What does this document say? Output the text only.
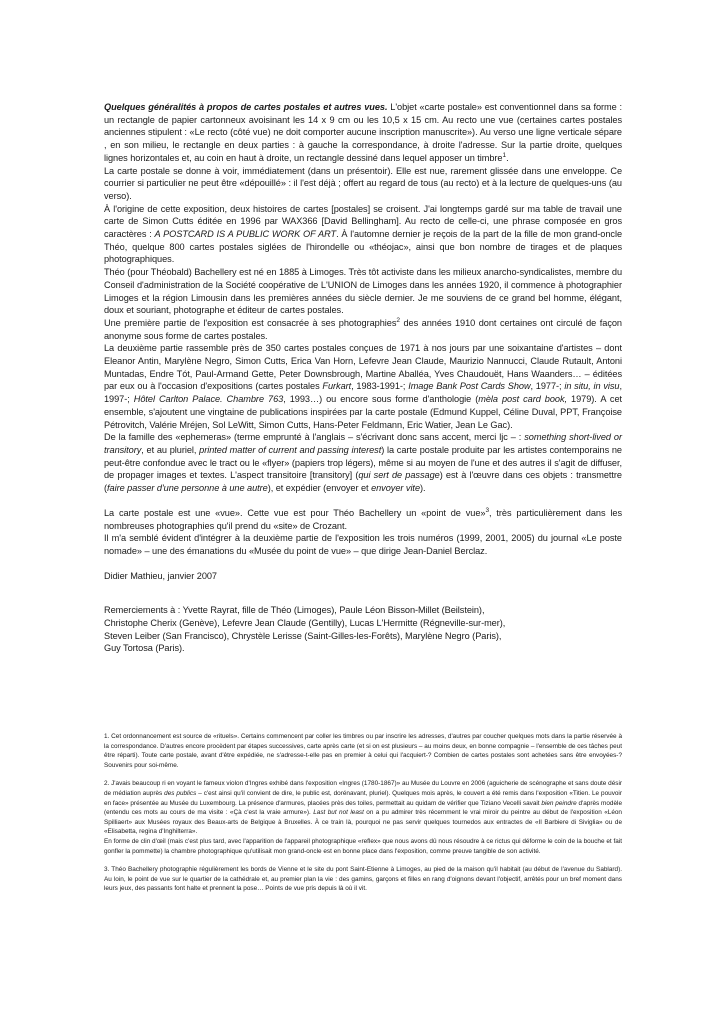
Quelques généralités à propos de cartes postales et autres vues. L'objet «carte postale» est conventionnel dans sa forme : un rectangle de papier cartonneux avoisinant les 14 x 9 cm ou les 10,5 x 15 cm. Au recto une vue (certaines cartes postales anciennes stipulent : «Le recto (côté vue) ne doit comporter aucune inscription manuscrite»). Au verso une ligne verticale sépare , en son milieu, le rectangle en deux parties : à gauche la correspondance, à droite l'adresse. Sur la partie droite, quelques lignes horizontales et, au coin en haut à droite, un rectangle dessiné dans lequel apposer un timbre$^1$.

La carte postale se donne à voir, immédiatement (dans un présentoir). Elle est nue, rarement glissée dans une enveloppe. Ce courrier si particulier ne peut être «dépouillé» : il l'est déjà ; offert au regard de tous (au recto) et à la lecture de quelques-uns (au verso).

À l'origine de cette exposition, deux histoires de cartes [postales] se croisent. J'ai longtemps gardé sur ma table de travail une carte de Simon Cutts éditée en 1996 par WAX366 [David Bellingham]. Au recto de celle-ci, une phrase composée en gros caractères : A POSTCARD IS A PUBLIC WORK OF ART. À l'automne dernier je reçois de la part de la fille de mon grand-oncle Théo, quelque 800 cartes postales siglées de l'hirondelle ou «théojac», ainsi que bon nombre de tirages et de plaques photographiques.

Théo (pour Théobald) Bachellery est né en 1885 à Limoges. Très tôt activiste dans les milieux anarcho-syndicalistes, membre du Conseil d'administration de la Société coopérative de L'UNION de Limoges dans les années 1920, il commence à photographier Limoges et la région Limousin dans les premières années du siècle dernier. Je me souviens de ce grand bel homme, élégant, doux et souriant, photographe et éditeur de cartes postales.

Une première partie de l'exposition est consacrée à ses photographies$^2$ des années 1910 dont certaines ont circulé de façon anonyme sous forme de cartes postales.

La deuxième partie rassemble près de 350 cartes postales conçues de 1971 à nos jours par une soixantaine d'artistes – dont Eleanor Antin, Marylène Negro, Simon Cutts, Erica Van Horn, Lefevre Jean Claude, Maurizio Nannucci, Claude Rutault, Antoni Muntadas, Endre Tót, Paul-Armand Gette, Peter Downsbrough, Martine Aballéa, Yves Chaudouët, Hans Waanders… – éditées par eux ou à l'occasion d'expositions (cartes postales Furkart, 1983-1991-; Image Bank Post Cards Show, 1977-; in situ, in visu, 1997-; Hôtel Carlton Palace. Chambre 763, 1993…) ou encore sous forme d'anthologie (mèla post card book, 1979). A cet ensemble, s'ajoutent une vingtaine de publications inspirées par la carte postale (Edmund Kuppel, Céline Duval, PPT, Françoise Pétrovitch, Valérie Mréjen, Sol LeWitt, Simon Cutts, Hans-Peter Feldmann, Eric Watier, Jean Le Gac).

De la famille des «ephemeras» (terme emprunté à l'anglais – s'écrivant donc sans accent, merci ljc – : something short-lived or transitory, et au pluriel, printed matter of current and passing interest) la carte postale produite par les artistes contemporains ne peut-être confondue avec le tract ou le «flyer» (papiers trop légers), même si au moyen de l'une et des autres il s'agit de diffuser, de propager images et textes. L'aspect transitoire [transitory] (qui sert de passage) est à l'œuvre dans ces objets : transmettre (faire passer d'une personne à une autre), et expédier (envoyer et envoyer vite).

La carte postale est une «vue». Cette vue est pour Théo Bachellery un «point de vue»$^3$, très particulièrement dans les nombreuses photographies qu'il prend du «site» de Crozant.

Il m'a semblé évident d'intégrer à la deuxième partie de l'exposition les trois numéros (1999, 2001, 2005) du journal «Le poste nomade» – une des émanations du «Musée du point de vue» – que dirige Jean-Daniel Berclaz.

Didier Mathieu, janvier 2007

Remerciements à : Yvette Rayrat, fille de Théo (Limoges), Paule Léon Bisson-Millet (Beilstein),

Christophe Cherix (Genève), Lefevre Jean Claude (Gentilly), Lucas L'Hermitte (Régneville-sur-mer),

Steven Leiber (San Francisco), Chrystèle Lerisse (Saint-Gilles-les-Forêts), Marylène Negro (Paris),

Guy Tortosa (Paris).

1. Cet ordonnancement est source de «rituels». Certains commencent par coller les timbres ou par inscrire les adresses, d'autres par coucher quelques mots dans la partie réservée à la correspondance. D'autres encore procèdent par étapes successives, carte après carte (et si on est plusieurs – au moins deux, en bonne compagnie – l'ensemble de ces tâches peut être réparti). Toute carte postale, avant d'être expédiée, ne s'adresse-t-elle pas en premier à celui qui l'acquiert-? Combien de cartes postales sont achetées sans être envoyées-? Souvenirs pour soi-même.

2. J'avais beaucoup ri en voyant le fameux violon d'Ingres exhibé dans l'exposition «Ingres (1780-1867)» au Musée du Louvre en 2006 (aguicherie de scénographe et sans doute désir de médiation auprès des publics – c'est ainsi qu'il convient de dire, le public est, dorénavant, pluriel). Quelques mois après, le couvert a été remis dans l'exposition «Titien. Le pouvoir en face» présentée au Musée du Luxembourg. La présence d'armures, placées près des toiles, permettait au quidam de vérifier que Tiziano Vecelli savait bien peindre d'après modèle (entendu ces mots au cours de ma visite : «Çà c'est la vraie armure»). Last but not least on a pu admirer très récemment le vrai miroir du peintre au début de l'exposition «Léon Spilliaert» aux Musées royaux des Beaux-arts de Belgique à Bruxelles. À ce train là, pourquoi ne pas servir quelques tournedos aux entractes de «Il Barbiere di Siviglia» ou de «Elisabetta, regina d'Inghilterra».

En forme de clin d'œil (mais c'est plus tard, avec l'apparition de l'appareil photographique «reflex» que nous avons dû nous résoudre à ce rictus qui déforme le coin de la bouche et fait gonfler la pommette) la chambre photographique qu'utilisait mon grand-oncle est en bonne place dans l'exposition, comme preuve tangible de son activité.

3. Théo Bachellery photographie régulièrement les bords de Vienne et le site du pont Saint-Etienne à Limoges, au pied de la maison qu'il habitait (au début de l'avenue du Sablard). Au loin, le point de vue sur le quartier de la cathédrale et, au premier plan la vie : des gamins, garçons et filles en rang d'oignons devant l'objectif, arrêtés pour un bref moment dans leurs jeux, des passants font halte et prennent la pose… Points de vue pris depuis là où il vit.
